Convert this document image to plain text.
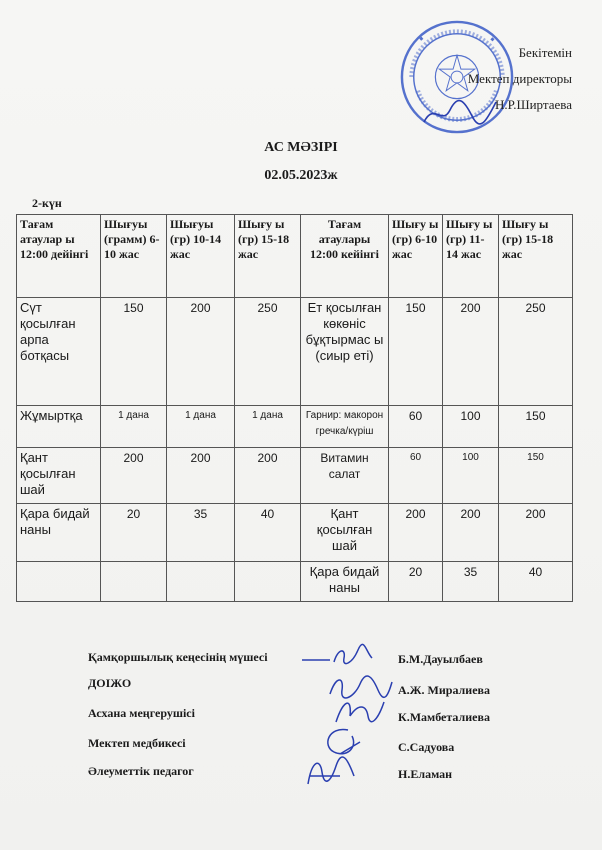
Бекітемін
Мектеп директоры
Н.Р.Ширтаева
АС МӘЗІРІ
02.05.2023ж
2-күн
Тағам атаулар ы 12:00 дейінгі	Шығуы (грамм) 6-10 жас	Шығуы (гр) 10-14 жас	Шығу ы (гр) 15-18 жас	Тағам атаулары 12:00 кейінгі	Шығу ы (гр) 6-10 жас	Шығу ы (гр) 11-14 жас	Шығу ы (гр) 15-18 жас
Сүт қосылған арпа ботқасы	150	200	250	Ет қосылған көкөніс бұқтырмас ы (сиыр еті)	150	200	250
Жұмыртқа	1 дана	1 дана	1 дана	Гарнир: макорон гречка/күріш	60	100	150
Қант қосылған шай	200	200	200	Витамин салат	60	100	150
Қара бидай наны	20	35	40	Қант қосылған шай	200	200	200
				Қара бидай наны	20	35	40
Қамқоршылық кеңесінің мүшесі	Б.М.Дауылбаев
ДОІЖО	А.Ж. Миралиева
Асхана меңгерушісі	К.Мамбеталиева
Мектеп медбикесі	С.Садуова
Әлеуметтік педагог	Н.Еламан
